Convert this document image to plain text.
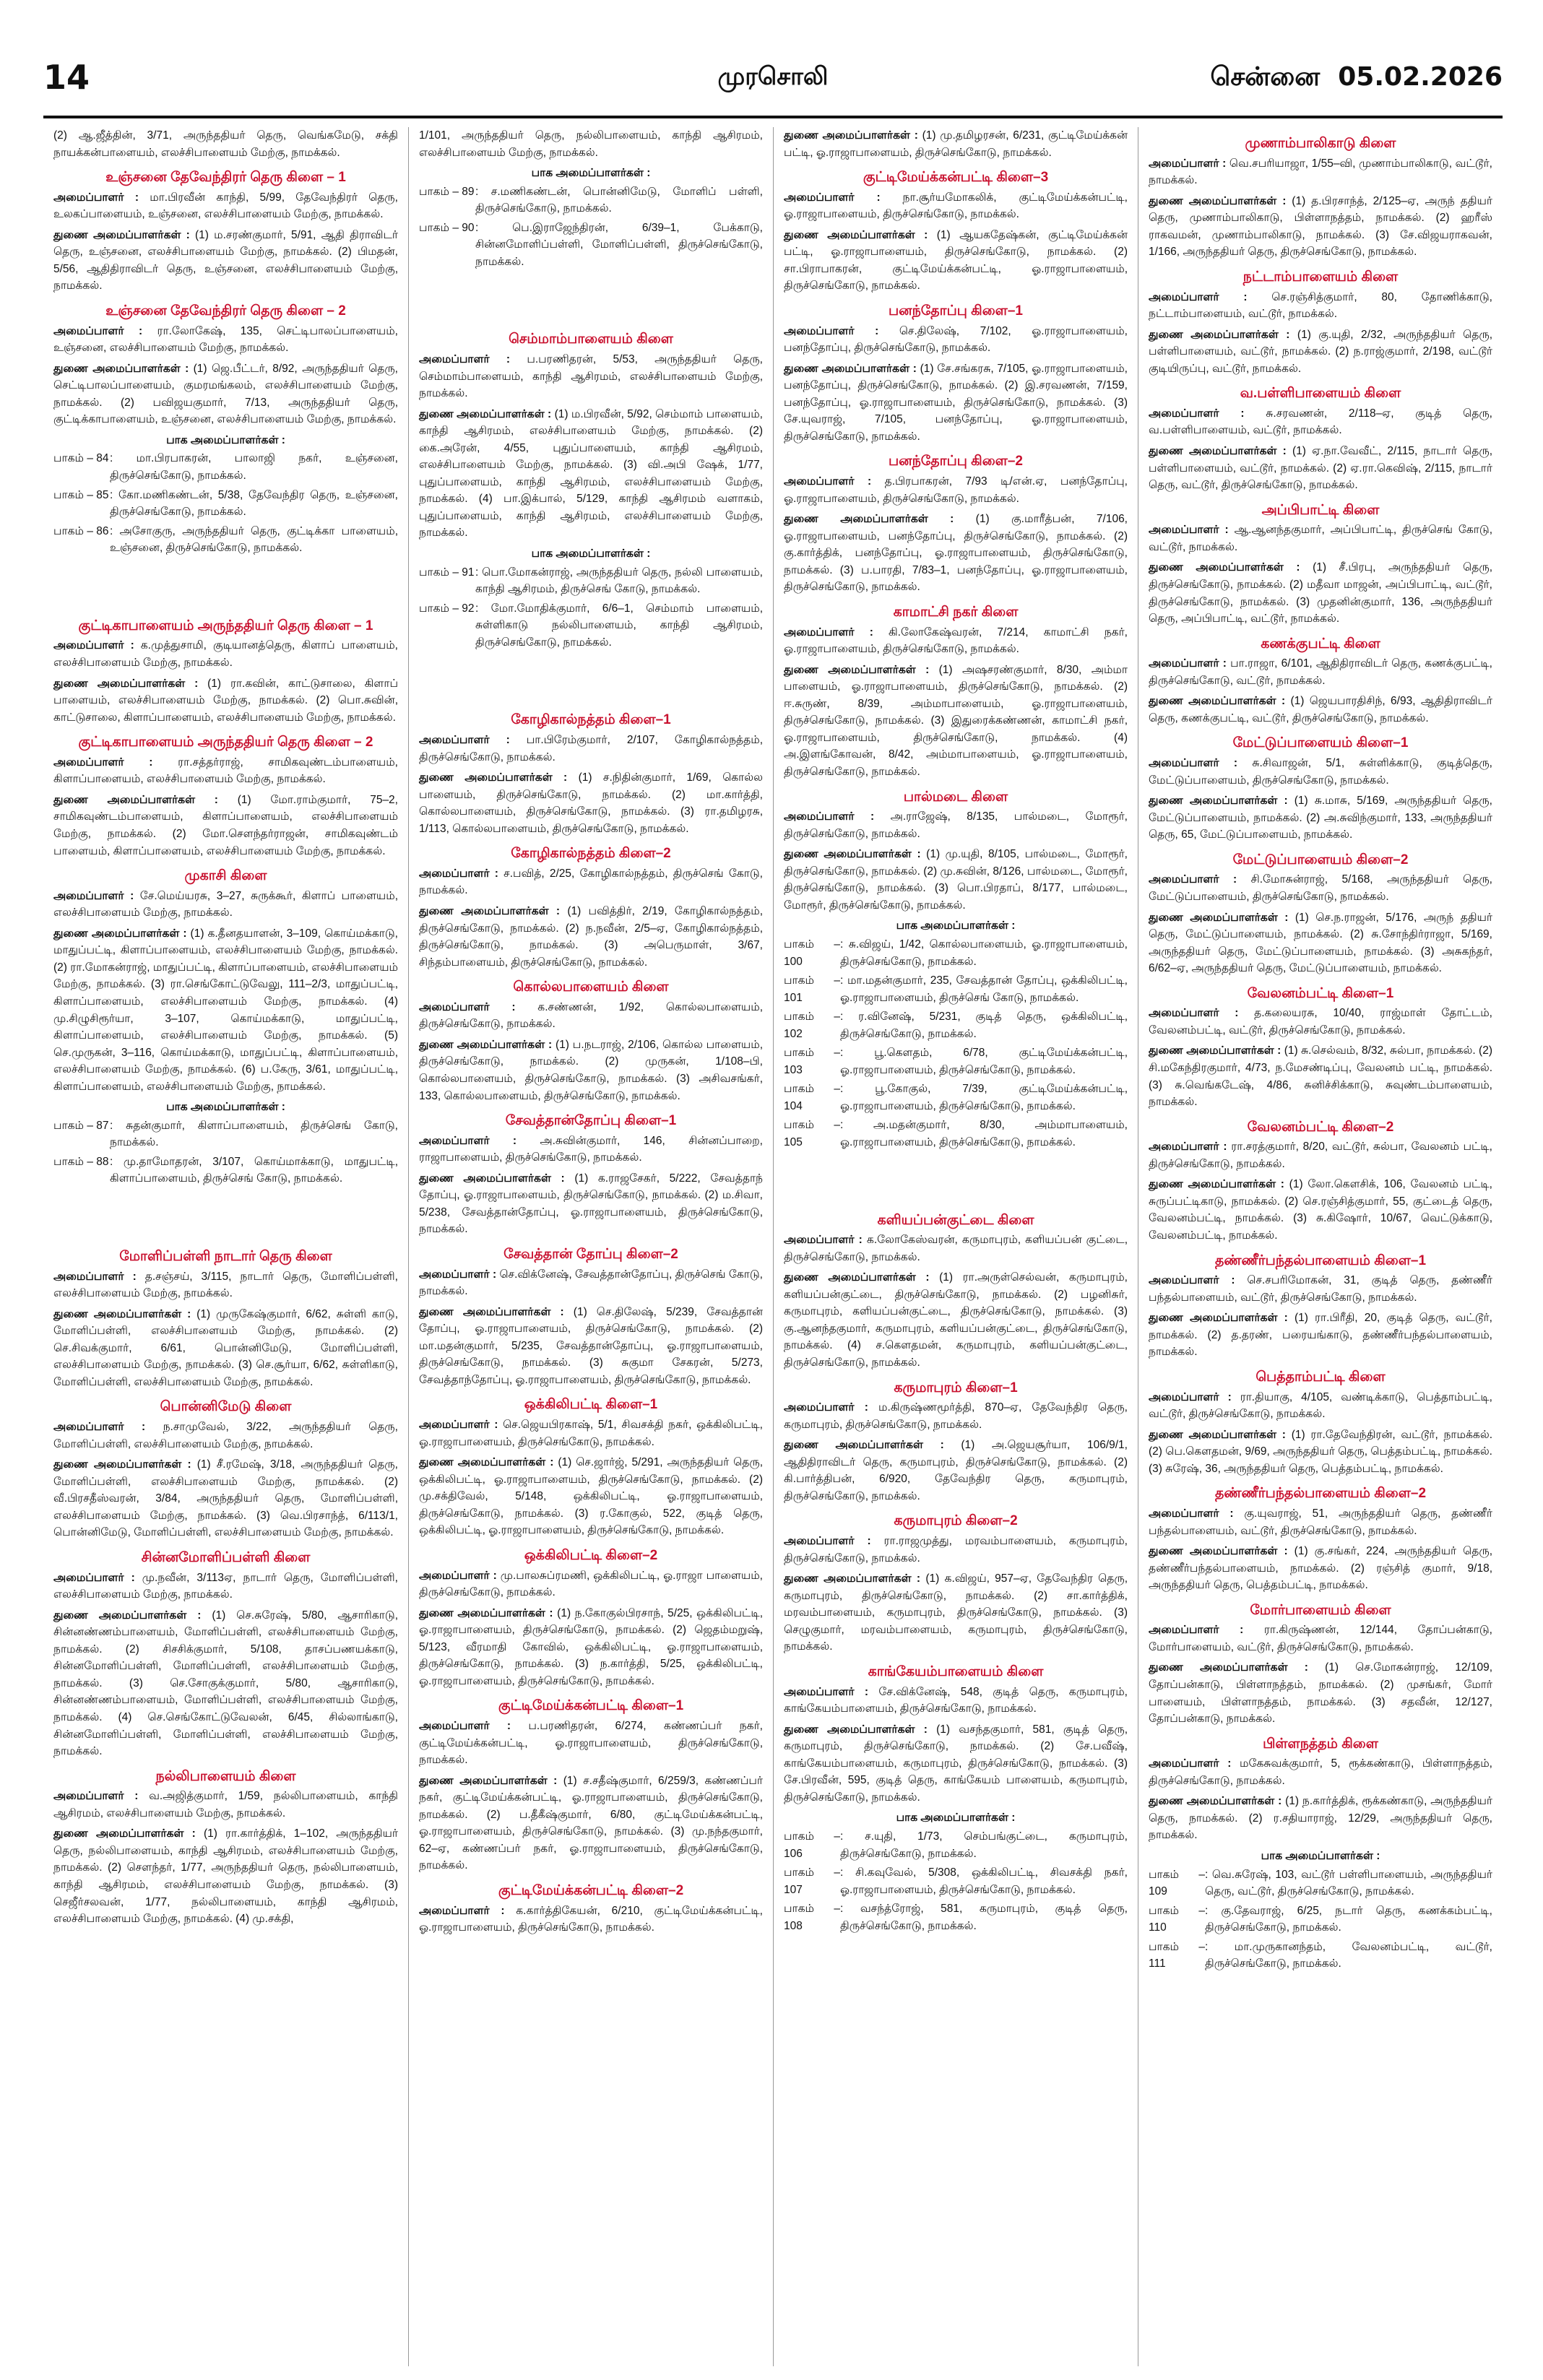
14	முரசொலி	சென்னை 05.02.2026
(2) ஆ.ஜீத்தின், 3/71, அருந்ததியர் தெரு, வெங்கமேடு, சக்தி நாயக்கன்பாளையம், எலச்சிபாளையம் மேற்கு, நாமக்கல்.
உஞ்சனை தேவேந்திரர் தெரு கிளை – 1
அமைப்பாளர் : மா.பிரவீன் காந்தி, 5/99, தேவேந்திரர் தெரு, உலகப்பாளையம், உஞ்சனை, எலச்சிபாளையம் மேற்கு, நாமக்கல்.
துணை அமைப்பாளர்கள் : (1) ம.சரண்குமார், 5/91, ஆதி திராவிடர் தெரு, உஞ்சனை, எலச்சிபாளையம் மேற்கு, நாமக்கல். (2) பிமதன், 5/56, ஆதிதிராவிடர் தெரு, உஞ்சனை, எலச்சிபாளையம் மேற்கு, நாமக்கல்.
உஞ்சனை தேவேந்திரர் தெரு கிளை – 2
அமைப்பாளர் : ரா.லோகேஷ், 135, செட்டிபாலப்பாளையம், உஞ்சனை, எலச்சிபாளையம் மேற்கு, நாமக்கல்.
துணை அமைப்பாளர்கள் : (1) ஜெ.பீட்டர், 8/92, அருந்ததியர் தெரு, செட்டிபாலப்பாளையம், குமரமங்கலம், எலச்சிபாளையம் மேற்கு, நாமக்கல். (2) பவிஜயகுமார், 7/13, அருந்ததியர் தெரு, குட்டிக்காபாளையம், உஞ்சனை, எலச்சிபாளையம் மேற்கு, நாமக்கல்.
பாக அமைப்பாளர்கள் :
பாகம் – 84 : மா.பிரபாகரன், பாலாஜி நகர், உஞ்சனை, திருச்செங்கோடு, நாமக்கல்.
பாகம் – 85 : கோ.மணிகண்டன், 5/38, தேவேந்திர தெரு, உஞ்சனை, திருச்செங்கோடு, நாமக்கல்.
பாகம் – 86 : அசோகுரு, அருந்ததியர் தெரு, குட்டிக்கா பாளையம், உஞ்சனை, திருச்செங்கோடு, நாமக்கல்.
குட்டிகாபாளையம் அருந்ததியர் தெரு கிளை – 1
அமைப்பாளர் : க.முத்துசாமி, குடியானத்தெரு, கிளாப் பாளையம், எலச்சிபாளையம் மேற்கு, நாமக்கல்.
துணை அமைப்பாளர்கள் : (1) ரா.கவின், காட்டுசாலை, கிளாப் பாளையம், எலச்சிபாளையம் மேற்கு, நாமக்கல். (2) பொ.சுவின், காட்டுசாலை, கிளாப்பாளையம், எலச்சிபாளையம் மேற்கு, நாமக்கல்.
குட்டிகாபாளையம் அருந்ததியர் தெரு கிளை – 2
அமைப்பாளர் : ரா.சத்தர்ராஜ், சாமிகவுண்டம்பாளையம், கிளாப்பாளையம், எலச்சிபாளையம் மேற்கு, நாமக்கல்.
துணை அமைப்பாளர்கள் : (1) மோ.ராம்குமார், 75–2, சாமிகவுண்டம்பாளையம், கிளாப்பாளையம், எலச்சிபாளையம் மேற்கு, நாமக்கல். (2) மோ.சௌந்தர்ராஜன், சாமிகவுண்டம் பாளையம், கிளாப்பாளையம், எலச்சிபாளையம் மேற்கு, நாமக்கல்.
முகாசி கிளை
அமைப்பாளர் : சே.மெய்யரசு, 3–27, சுருக்கூர், கிளாப் பாளையம், எலச்சிபாளையம் மேற்கு, நாமக்கல்.
துணை அமைப்பாளர்கள் : (1) க.தீனதயாளன், 3–109, கொய்மக்காடு, மாதுப்பட்டி, கிளாப்பாளையம், எலச்சிபாளையம் மேற்கு, நாமக்கல். (2) ரா.மோகன்ராஜ், மாதுப்பட்டி, கிளாப்பாளையம், எலச்சிபாளையம் மேற்கு, நாமக்கல். (3) ரா.செங்கோட்டுவேலு, 111–2/3, மாதுப்பட்டி, கிளாப்பாளையம், எலச்சிபாளையம் மேற்கு, நாமக்கல். (4) மு.சிழுசிரூர்யா, 3–107, கொய்மக்காடு, மாதுப்பட்டி, கிளாப்பாளையம், எலச்சிபாளையம் மேற்கு, நாமக்கல். (5) செ.முருகன், 3–116, கொய்மக்காடு, மாதுப்பட்டி, கிளாப்பாளையம், எலச்சிபாளையம் மேற்கு, நாமக்கல். (6) ப.கேரு, 3/61, மாதுப்பட்டி, கிளாப்பாளையம், எலச்சிபாளையம் மேற்கு, நாமக்கல்.
பாக அமைப்பாளர்கள் :
பாகம் – 87 : சுதன்குமார், கிளாப்பாளையம், திருச்செங் கோடு, நாமக்கல்.
பாகம் – 88 : மு.தாமோதரன், 3/107, கொய்மாக்காடு, மாதுபட்டி, கிளாப்பாளையம், திருச்செங் கோடு, நாமக்கல்.
மோளிப்பள்ளி நாடார் தெரு கிளை
அமைப்பாளர் : த.சஞ்சய், 3/115, நாடார் தெரு, மோளிப்பள்ளி, எலச்சிபாளையம் மேற்கு, நாமக்கல்.
துணை அமைப்பாளர்கள் : (1) முருகேஷ்குமார், 6/62, சுள்ளி காடு, மோளிப்பள்ளி, எலச்சிபாளையம் மேற்கு, நாமக்கல். (2) செ.சிவக்குமார், 6/61, பொன்னிமேடு, மோளிப்பள்ளி, எலச்சிபாளையம் மேற்கு, நாமக்கல். (3) செ.சூர்யா, 6/62, சுள்ளிகாடு, மோளிப்பள்ளி, எலச்சிபாளையம் மேற்கு, நாமக்கல்.
பொன்னிமேடு கிளை
அமைப்பாளர் : ந.சாமுவேல், 3/22, அருந்ததியர் தெரு, மோளிப்பள்ளி, எலச்சிபாளையம் மேற்கு, நாமக்கல்.
துணை அமைப்பாளர்கள் : (1) சீ.ரமேஷ், 3/18, அருந்ததியர் தெரு, மோளிப்பள்ளி, எலச்சிபாளையம் மேற்கு, நாமக்கல். (2) வீ.பிரசதீஸ்வரன், 3/84, அருந்ததியர் தெரு, மோளிப்பள்ளி, எலச்சிபாளையம் மேற்கு, நாமக்கல். (3) வெ.பிரசாந்த், 6/113/1, பொன்னிமேடு, மோளிப்பள்ளி, எலச்சிபாளையம் மேற்கு, நாமக்கல்.
சின்னமோளிப்பள்ளி கிளை
அமைப்பாளர் : மு.நவீன், 3/113ஏ, நாடார் தெரு, மோளிப்பள்ளி, எலச்சிபாளையம் மேற்கு, நாமக்கல்.
துணை அமைப்பாளர்கள் : (1) செ.சுரேஷ், 5/80, ஆசாரிகாடு, சின்னண்ணம்பாளையம், மோளிப்பள்ளி, எலச்சிபாளையம் மேற்கு, நாமக்கல். (2) சிசசிக்குமார், 5/108, தாசப்பணயக்காடு, சின்னமோளிப்பள்ளி, மோளிப்பள்ளி, எலச்சிபாளையம் மேற்கு, நாமக்கல். (3) செ.சோகுக்குமார், 5/80, ஆசாரிகாடு, சின்னண்ணம்பாளையம், மோளிப்பள்ளி, எலச்சிபாளையம் மேற்கு, நாமக்கல். (4) செ.செங்கோட்டுவேலன், 6/45, சில்லாங்காடு, சின்னமோளிப்பள்ளி, மோளிப்பள்ளி, எலச்சிபாளையம் மேற்கு, நாமக்கல்.
நல்லிபாளையம் கிளை
அமைப்பாளர் : வ.அஜித்குமார், 1/59, நல்லிபாளையம், காந்தி ஆசிரமம், எலச்சிபாளையம் மேற்கு, நாமக்கல்.
துணை அமைப்பாளர்கள் : (1) ரா.கார்த்திக், 1–102, அருந்ததியர் தெரு, நல்லிபாளையம், காந்தி ஆசிரமம், எலச்சிபாளையம் மேற்கு, நாமக்கல். (2) சௌந்தர், 1/77, அருந்ததியர் தெரு, நல்லிபாளையம், காந்தி ஆசிரமம், எலச்சிபாளையம் மேற்கு, நாமக்கல். (3) செஜீர்சலவன், 1/77, நல்லிபாளையம், காந்தி ஆசிரமம், எலச்சிபாளையம் மேற்கு, நாமக்கல். (4) மு.சக்தி,
1/101, அருந்ததியர் தெரு, நல்லிபாளையம், காந்தி ஆசிரமம், எலச்சிபாளையம் மேற்கு, நாமக்கல்.
பாக அமைப்பாளர்கள் :
பாகம் – 89 : ச.மணிகண்டன், பொன்னிமேடு, மோளிப் பள்ளி, திருச்செங்கோடு, நாமக்கல்.
பாகம் – 90 : பெ.இராஜேந்திரன், 6/39–1, பேக்காடு, சின்னமோளிப்பள்ளி, மோளிப்பள்ளி, திருச்செங்கோடு, நாமக்கல்.
செம்மாம்பாளையம் கிளை
அமைப்பாளர் : ப.பரணிதரன், 5/53, அருந்ததியர் தெரு, செம்மாம்பாளையம், காந்தி ஆசிரமம், எலச்சிபாளையம் மேற்கு, நாமக்கல்.
துணை அமைப்பாளர்கள் : (1) ம.பிரவீன், 5/92, செம்மாம் பாளையம், காந்தி ஆசிரமம், எலச்சிபாளையம் மேற்கு, நாமக்கல். (2) கை.அரேன், 4/55, புதுப்பாளையம், காந்தி ஆசிரமம், எலச்சிபாளையம் மேற்கு, நாமக்கல். (3) வி.அபி ஷேக், 1/77, புதுப்பாளையம், காந்தி ஆசிரமம், எலச்சிபாளையம் மேற்கு, நாமக்கல். (4) பா.இக்பால், 5/129, காந்தி ஆசிரமம் வளாகம், புதுப்பாளையம், காந்தி ஆசிரமம், எலச்சிபாளையம் மேற்கு, நாமக்கல்.
பாக அமைப்பாளர்கள் :
பாகம் – 91 : பொ.மோகன்ராஜ், அருந்ததியர் தெரு, நல்லி பாளையம், காந்தி ஆசிரமம், திருச்செங் கோடு, நாமக்கல்.
பாகம் – 92 : மோ.மோதிக்குமார், 6/6–1, செம்மாம் பாளையம், சுள்ளிகாடு நல்லிபாளையம், காந்தி ஆசிரமம், திருச்செங்கோடு, நாமக்கல்.
கோழிகால்நத்தம் கிளை–1
அமைப்பாளர் : பா.பிரேம்குமார், 2/107, கோழிகால்நத்தம், திருச்செங்கோடு, நாமக்கல்.
துணை அமைப்பாளர்கள் : (1) ச.நிதின்குமார், 1/69, கொல்ல பாளையம், திருச்செங்கோடு, நாமக்கல். (2) மா.கார்த்தி, கொல்லபாளையம், திருச்செங்கோடு, நாமக்கல். (3) ரா.தமிழரசு, 1/113, கொல்லபாளையம், திருச்செங்கோடு, நாமக்கல்.
கோழிகால்நத்தம் கிளை–2
அமைப்பாளர் : ச.பவித், 2/25, கோழிகால்நத்தம், திருச்செங் கோடு, நாமக்கல்.
துணை அமைப்பாளர்கள் : (1) பவித்திர், 2/19, கோழிகால்நத்தம், திருச்செங்கோடு, நாமக்கல். (2) ந.நவீன், 2/5–ஏ, கோழிகால்நத்தம், திருச்செங்கோடு, நாமக்கல். (3) அபெருமாள், 3/67, சிந்தம்பாளையம், திருச்செங்கோடு, நாமக்கல்.
கொல்லபாளையம் கிளை
அமைப்பாளர் : க.சண்ணன், 1/92, கொல்லபாளையம், திருச்செங்கோடு, நாமக்கல்.
துணை அமைப்பாளர்கள் : (1) ப.நடராஜ், 2/106, கொல்ல பாளையம், திருச்செங்கோடு, நாமக்கல். (2) முருகன், 1/108–பி, கொல்லபாளையம், திருச்செங்கோடு, நாமக்கல். (3) அசிவசங்கர், 133, கொல்லபாளையம், திருச்செங்கோடு, நாமக்கல்.
சேவத்தான்தோப்பு கிளை–1
அமைப்பாளர் : அ.சுவின்குமார், 146, சின்னப்பாறை, ராஜாபாளையம், திருச்செங்கோடு, நாமக்கல்.
துணை அமைப்பாளர்கள் : (1) க.ராஜசேகர், 5/222, சேவத்தாந் தோப்பு, ஓ.ராஜாபாளையம், திருச்செங்கோடு, நாமக்கல். (2) ம.சிவா, 5/238, சேவத்தான்தோப்பு, ஓ.ராஜாபாளையம், திருச்செங்கோடு, நாமக்கல்.
சேவத்தான் தோப்பு கிளை–2
அமைப்பாளர் : செ.விக்னேஷ், சேவத்தான்தோப்பு, திருச்செங் கோடு, நாமக்கல்.
துணை அமைப்பாளர்கள் : (1) செ.திலேஷ், 5/239, சேவத்தான் தோப்பு, ஓ.ராஜாபாளையம், திருச்செங்கோடு, நாமக்கல். (2) மா.மதன்குமார், 5/235, சேவத்தான்தோப்பு, ஓ.ராஜாபாளையம், திருச்செங்கோடு, நாமக்கல். (3) சுகுமா சேகரன், 5/273, சேவத்தாந்தோப்பு, ஓ.ராஜாபாளையம், திருச்செங்கோடு, நாமக்கல்.
ஒக்கிலிபட்டி கிளை–1
அமைப்பாளர் : செ.ஜெயபிரகாஷ், 5/1, சிவசக்தி நகர், ஒக்கிலிபட்டி, ஓ.ராஜாபாளையம், திருச்செங்கோடு, நாமக்கல்.
துணை அமைப்பாளர்கள் : (1) செ.ஜார்ஜ், 5/291, அருந்ததியர் தெரு, ஒக்கிலிபட்டி, ஓ.ராஜாபாளையம், திருச்செங்கோடு, நாமக்கல். (2) மு.சக்திவேல், 5/148, ஒக்கிலிபட்டி, ஓ.ராஜாபாளையம், திருச்செங்கோடு, நாமக்கல். (3) ர.கோகுல், 522, குடித் தெரு, ஒக்கிலிபட்டி, ஓ.ராஜாபாளையம், திருச்செங்கோடு, நாமக்கல்.
ஒக்கிலிபட்டி கிளை–2
அமைப்பாளர் : மு.பாலசுப்ரமணி, ஒக்கிலிபட்டி, ஓ.ராஜா பாளையம், திருச்செங்கோடு, நாமக்கல்.
துணை அமைப்பாளர்கள் : (1) ந.கோகுல்பிரசாந், 5/25, ஒக்கிலிபட்டி, ஓ.ராஜாபாளையம், திருச்செங்கோடு, நாமக்கல். (2) ஜெதம்மறுஷ், 5/123, வீரமாதி கோவில், ஒக்கிலிபட்டி, ஓ.ராஜாபாளையம், திருச்செங்கோடு, நாமக்கல். (3) ந.கார்த்தி, 5/25, ஒக்கிலிபட்டி, ஓ.ராஜாபாளையம், திருச்செங்கோடு, நாமக்கல்.
குட்டிமேய்க்கன்பட்டி கிளை–1
அமைப்பாளர் : ப.பரணிதரன், 6/274, கண்ணப்பர் நகர், குட்டிமேய்க்கன்பட்டி, ஓ.ராஜாபாளையம், திருச்செங்கோடு, நாமக்கல்.
துணை அமைப்பாளர்கள் : (1) ச.சதீஷ்குமார், 6/259/3, கண்ணப்பர் நகர், குட்டிமேய்க்கன்பட்டி, ஓ.ராஜாபாளையம், திருச்செங்கோடு, நாமக்கல். (2) ப.தீகீஷ்குமார், 6/80, குட்டிமேய்க்கன்பட்டி, ஓ.ராஜாபாளையம், திருச்செங்கோடு, நாமக்கல். (3) மு.நந்தகுமார், 62–ஏ, கண்ணப்பர் நகர், ஓ.ராஜாபாளையம், திருச்செங்கோடு, நாமக்கல்.
குட்டிமேய்க்கன்பட்டி கிளை–2
அமைப்பாளர் : க.கார்த்திகேயன், 6/210, குட்டிமேய்க்கன்பட்டி, ஓ.ராஜாபாளையம், திருச்செங்கோடு, நாமக்கல்.
துணை அமைப்பாளர்கள் : (1) மு.தமிழரசன், 6/231, குட்டிமேய்க்கன் பட்டி, ஓ.ராஜாபாளையம், திருச்செங்கோடு, நாமக்கல்.
குட்டிமேய்க்கன்பட்டி கிளை–3
அமைப்பாளர் : நா.சூர்யமோகலிக், குட்டிமேய்க்கன்பட்டி, ஓ.ராஜாபாளையம், திருச்செங்கோடு, நாமக்கல்.
துணை அமைப்பாளர்கள் : (1) ஆயகதேஷ்கன், குட்டிமேய்க்கன் பட்டி, ஓ.ராஜாபாளையம், திருச்செங்கோடு, நாமக்கல். (2) சா.பிராபாகரன், குட்டிமேய்க்கன்பட்டி, ஓ.ராஜாபாளையம், திருச்செங்கோடு, நாமக்கல்.
பனந்தோப்பு கிளை–1
அமைப்பாளர் : செ.திலேஷ், 7/102, ஓ.ராஜாபாளையம், பனந்தோப்பு, திருச்செங்கோடு, நாமக்கல்.
துணை அமைப்பாளர்கள் : (1) சே.சங்கரசு, 7/105, ஓ.ராஜாபாளையம், பனந்தோப்பு, திருச்செங்கோடு, நாமக்கல். (2) இ.சரவணன், 7/159, பனந்தோப்பு, ஓ.ராஜாபாளையம், திருச்செங்கோடு, நாமக்கல். (3) சே.யுவராஜ், 7/105, பனந்தோப்பு, ஓ.ராஜாபாளையம், திருச்செங்கோடு, நாமக்கல்.
பனந்தோப்பு கிளை–2
அமைப்பாளர் : த.பிரபாகரன், 7/93 டி/என்.ஏ, பனந்தோப்பு, ஓ.ராஜாபாளையம், திருச்செங்கோடு, நாமக்கல்.
துணை அமைப்பாளர்கள் : (1) கு.மாரீத்பன், 7/106, ஓ.ராஜாபாளையம், பனந்தோப்பு, திருச்செங்கோடு, நாமக்கல். (2) கு.கார்த்திக், பனந்தோப்பு, ஓ.ராஜாபாளையம், திருச்செங்கோடு, நாமக்கல். (3) ப.பாரதி, 7/83–1, பனந்தோப்பு, ஓ.ராஜாபாளையம், திருச்செங்கோடு, நாமக்கல்.
காமாட்சி நகர் கிளை
அமைப்பாளர் : கி.லோகேஷ்வரன், 7/214, காமாட்சி நகர், ஓ.ராஜாபாளையம், திருச்செங்கோடு, நாமக்கல்.
துணை அமைப்பாளர்கள் : (1) அஷசரண்குமார், 8/30, அம்மா பாளையம், ஓ.ராஜாபாளையம், திருச்செங்கோடு, நாமக்கல். (2) ஈ.சுருண், 8/39, அம்மாபாளையம், ஓ.ராஜாபாளையம், திருச்செங்கோடு, நாமக்கல். (3) இதுரைக்கண்ணன், காமாட்சி நகர், ஓ.ராஜாபாளையம், திருச்செங்கோடு, நாமக்கல். (4) அ.இளங்கோவன், 8/42, அம்மாபாளையம், ஓ.ராஜாபாளையம், திருச்செங்கோடு, நாமக்கல்.
பால்மடை கிளை
அமைப்பாளர் : அ.ராஜேஷ், 8/135, பால்மடை, மோரூர், திருச்செங்கோடு, நாமக்கல்.
துணை அமைப்பாளர்கள் : (1) மு.யுதி, 8/105, பால்மடை, மோரூர், திருச்செங்கோடு, நாமக்கல். (2) மு.சுவின், 8/126, பால்மடை, மோரூர், திருச்செங்கோடு, நாமக்கல். (3) பொ.பிரதாப், 8/177, பால்மடை, மோரூர், திருச்செங்கோடு, நாமக்கல்.
பாக அமைப்பாளர்கள் :
பாகம் – 100
: சு.விஜய், 1/42, கொல்லபாளையம், ஓ.ராஜாபாளையம், திருச்செங்கோடு, நாமக்கல்.
பாகம் – 101
: மா.மதன்குமார், 235, சேவத்தான் தோப்பு, ஒக்கிலிபட்டி, ஓ.ராஜாபாளையம், திருச்செங் கோடு, நாமக்கல்.
பாகம் – 102
: ர.வினேஷ், 5/231, குடித் தெரு, ஒக்கிலிபட்டி, திருச்செங்கோடு, நாமக்கல்.
பாகம் – 103
: பூ.கௌதம், 6/78, குட்டிமேய்க்கன்பட்டி, ஓ.ராஜாபாளையம், திருச்செங்கோடு, நாமக்கல்.
பாகம் – 104
: பூ.கோகுல், 7/39, குட்டிமேய்க்கன்பட்டி, ஓ.ராஜாபாளையம், திருச்செங்கோடு, நாமக்கல்.
பாகம் – 105
: அ.மதன்குமார், 8/30, அம்மாபாளையம், ஓ.ராஜாபாளையம், திருச்செங்கோடு, நாமக்கல்.
களியப்பன்குட்டை கிளை
அமைப்பாளர் : க.லோகேஸ்வரன், கருமாபுரம், களியப்பன் குட்டை, திருச்செங்கோடு, நாமக்கல்.
துணை அமைப்பாளர்கள் : (1) ரா.அருள்செல்வன், கருமாபுரம், களியப்பன்குட்டை, திருச்செங்கோடு, நாமக்கல். (2) பழனிசுர், கருமாபுரம், களியப்பன்குட்டை, திருச்செங்கோடு, நாமக்கல். (3) கு.ஆனந்தகுமார், கருமாபுரம், களியப்பன்குட்டை, திருச்செங்கோடு, நாமக்கல். (4) ச.கௌதமன், கருமாபுரம், களியப்பன்குட்டை, திருச்செங்கோடு, நாமக்கல்.
கருமாபுரம் கிளை–1
அமைப்பாளர் : ம.கிருஷ்ணமூர்த்தி, 870–ஏ, தேவேந்திர தெரு, கருமாபுரம், திருச்செங்கோடு, நாமக்கல்.
துணை அமைப்பாளர்கள் : (1) அ.ஜெயசூர்யா, 106/9/1, ஆதிதிராவிடர் தெரு, கருமாபுரம், திருச்செங்கோடு, நாமக்கல். (2) கி.பார்த்திபன், 6/920, தேவேந்திர தெரு, கருமாபுரம், திருச்செங்கோடு, நாமக்கல்.
கருமாபுரம் கிளை–2
அமைப்பாளர் : ரா.ராஜமுத்து, மரவம்பாளையம், கருமாபுரம், திருச்செங்கோடு, நாமக்கல்.
துணை அமைப்பாளர்கள் : (1) க.விஜய், 957–ஏ, தேவேந்திர தெரு, கருமாபுரம், திருச்செங்கோடு, நாமக்கல். (2) சா.கார்த்திக், மரவம்பாளையம், கருமாபுரம், திருச்செங்கோடு, நாமக்கல். (3) செழுகுமார், மரவம்பாளையம், கருமாபுரம், திருச்செங்கோடு, நாமக்கல்.
காங்கேயம்பாளையம் கிளை
அமைப்பாளர் : சே.விக்னேஷ், 548, குடித் தெரு, கருமாபுரம், காங்கேயம்பாளையம், திருச்செங்கோடு, நாமக்கல்.
துணை அமைப்பாளர்கள் : (1) வசந்தகுமார், 581, குடித் தெரு, கருமாபுரம், திருச்செங்கோடு, நாமக்கல். (2) சே.பவீஷ், காங்கேயம்பாளையம், கருமாபுரம், திருச்செங்கோடு, நாமக்கல். (3) சே.பிரவீன், 595, குடித் தெரு, காங்கேயம் பாளையம், கருமாபுரம், திருச்செங்கோடு, நாமக்கல்.
பாக அமைப்பாளர்கள் :
பாகம் – 106
: ச.யுதி, 1/73, செம்பங்குட்டை, கருமாபுரம், திருச்செங்கோடு, நாமக்கல்.
பாகம் – 107
: சி.கவுவேல், 5/308, ஒக்கிலிபட்டி, சிவசக்தி நகர், ஓ.ராஜாபாளையம், திருச்செங்கோடு, நாமக்கல்.
பாகம் – 108
: வசந்த்ரோஜ், 581, கருமாபுரம், குடித் தெரு, திருச்செங்கோடு, நாமக்கல்.
முணாம்பாலிகாடு கிளை
அமைப்பாளர் : வெ.சபரியாஜா, 1/55–வி, முணாம்பாலிகாடு, வட்டூர், நாமக்கல்.
துணை அமைப்பாளர்கள் : (1) த.பிரசாந்த், 2/125–ஏ, அருந் ததியர் தெரு, முணாம்பாலிகாடு, பிள்ளாநத்தம், நாமக்கல். (2) ஹரீஸ் ராகவமன், முணாம்பாலிகாடு, நாமக்கல். (3) சே.விஜயராகவன், 1/166, அருந்ததியர் தெரு, திருச்செங்கோடு, நாமக்கல்.
நட்டாம்பாளையம் கிளை
அமைப்பாளர் : செ.ரஞ்சித்குமார், 80, தோணிக்காடு, நட்டாம்பாளையம், வட்டூர், நாமக்கல்.
துணை அமைப்பாளர்கள் : (1) கு.யுதி, 2/32, அருந்ததியர் தெரு, பள்ளிபாளையம், வட்டூர், நாமக்கல். (2) ந.ராஜ்குமார், 2/198, வட்டூர் குடியிருப்பு, வட்டூர், நாமக்கல்.
வ.பள்ளிபாளையம் கிளை
அமைப்பாளர் : சு.சரவணன், 2/118–ஏ, குடித் தெரு, வ.பள்ளிபாளையம், வட்டூர், நாமக்கல்.
துணை அமைப்பாளர்கள் : (1) ஏ.நா.வேவீட், 2/115, நாடார் தெரு, பள்ளிபாளையம், வட்டூர், நாமக்கல். (2) ஏ.ரா.கெவிஷ், 2/115, நாடார் தெரு, வட்டூர், திருச்செங்கோடு, நாமக்கல்.
அப்பிபாட்டி கிளை
அமைப்பாளர் : ஆ.ஆனந்தகுமார், அப்பிபாட்டி, திருச்செங் கோடு, வட்டூர், நாமக்கல்.
துணை அமைப்பாளர்கள் : (1) சீ.பிரபு, அருந்ததியர் தெரு, திருச்செங்கோடு, நாமக்கல். (2) மதீவா மாஜன், அப்பிபாட்டி, வட்டூர், திருச்செங்கோடு, நாமக்கல். (3) முதனின்குமார், 136, அருந்ததியர் தெரு, அப்பிபாட்டி, வட்டூர், நாமக்கல்.
கணக்குபட்டி கிளை
அமைப்பாளர் : பா.ராஜா, 6/101, ஆதிதிராவிடர் தெரு, கணக்குபட்டி, திருச்செங்கோடு, வட்டூர், நாமக்கல்.
துணை அமைப்பாளர்கள் : (1) ஜெயபாரதிசிந், 6/93, ஆதிதிராவிடர் தெரு, கணக்குபட்டி, வட்டூர், திருச்செங்கோடு, நாமக்கல்.
மேட்டுப்பாளையம் கிளை–1
அமைப்பாளர் : சு.சிவாஜன், 5/1, சுள்ளிக்காடு, குடித்தெரு, மேட்டுப்பாளையம், திருச்செங்கோடு, நாமக்கல்.
துணை அமைப்பாளர்கள் : (1) சு.மாசு, 5/169, அருந்ததியர் தெரு, மேட்டுப்பாளையம், நாமக்கல். (2) அ.சுவிந்குமார், 133, அருந்ததியர் தெரு, 65, மேட்டுப்பாளையம், நாமக்கல்.
மேட்டுப்பாளையம் கிளை–2
அமைப்பாளர் : சி.மோசுன்ராஜ், 5/168, அருந்ததியர் தெரு, மேட்டுப்பாளையம், திருச்செங்கோடு, நாமக்கல்.
துணை அமைப்பாளர்கள் : (1) செ.ந.ராஜன், 5/176, அருந் ததியர் தெரு, மேட்டுப்பாளையம், நாமக்கல். (2) சு.சோந்திர்ராஜா, 5/169, அருந்ததியர் தெரு, மேட்டுப்பாளையம், நாமக்கல். (3) அசுகந்தர், 6/62–ஏ, அருந்ததியர் தெரு, மேட்டுப்பாளையம், நாமக்கல்.
வேலனம்பட்டி கிளை–1
அமைப்பாளர் : த.கலையரசு, 10/40, ராஜ்மாள் தோட்டம், வேலனம்பட்டி, வட்டூர், திருச்செங்கோடு, நாமக்கல்.
துணை அமைப்பாளர்கள் : (1) சு.செல்வம், 8/32, சுல்பா, நாமக்கல். (2) சி.மகேந்திரகுமார், 4/73, ந.மேசண்டிப்பு, வேலனம் பட்டி, நாமக்கல். (3) சு.வெங்கடேஷ், 4/86, சுனிச்சிக்காடு, சுவுண்டம்பாளையம், நாமக்கல்.
வேலனம்பட்டி கிளை–2
அமைப்பாளர் : ரா.சரத்குமார், 8/20, வட்டூர், சுல்பா, வேலனம் பட்டி, திருச்செங்கோடு, நாமக்கல்.
துணை அமைப்பாளர்கள் : (1) லோ.கௌசிக், 106, வேலனம் பட்டி, சுருப்பட்டிகாடு, நாமக்கல். (2) செ.ரஞ்சித்குமார், 55, குட்டைத் தெரு, வேலனம்பட்டி, நாமக்கல். (3) சு.கிஷோர், 10/67, வெட்டுக்காடு, வேலனம்பட்டி, நாமக்கல்.
தண்ணீர்பந்தல்பாளையம் கிளை–1
அமைப்பாளர் : செ.சபரிமோகன், 31, குடித் தெரு, தண்ணீர் பந்தல்பாளையம், வட்டூர், திருச்செங்கோடு, நாமக்கல்.
துணை அமைப்பாளர்கள் : (1) ரா.பிரீதி, 20, குடித் தெரு, வட்டூர், நாமக்கல். (2) த.தரண், பரையங்காடு, தண்ணீர்பந்தல்பாளையம், நாமக்கல்.
பெத்தாம்பட்டி கிளை
அமைப்பாளர் : ரா.தியாகு, 4/105, வண்டிக்காடு, பெத்தாம்பட்டி, வட்டூர், திருச்செங்கோடு, நாமக்கல்.
துணை அமைப்பாளர்கள் : (1) ரா.தேவேந்திரன், வட்டூர், நாமக்கல். (2) பெ.கௌதமன், 9/69, அருந்ததியர் தெரு, பெத்தம்பட்டி, நாமக்கல். (3) சுரேஷ், 36, அருந்ததியர் தெரு, பெத்தம்பட்டி, நாமக்கல்.
தண்ணீர்பந்தல்பாளையம் கிளை–2
அமைப்பாளர் : கு.யுவராஜ், 51, அருந்ததியர் தெரு, தண்ணீர் பந்தல்பாளையம், வட்டூர், திருச்செங்கோடு, நாமக்கல்.
துணை அமைப்பாளர்கள் : (1) கு.சங்கர், 224, அருந்ததியர் தெரு, தண்ணீர்பந்தல்பாளையம், நாமக்கல். (2) ரஞ்சித் குமார், 9/18, அருந்ததியர் தெரு, பெத்தம்பட்டி, நாமக்கல்.
மோர்பாளையம் கிளை
அமைப்பாளர் : ரா.கிருஷ்ணன், 12/144, தோப்பன்காடு, மோர்பாளையம், வட்டூர், திருச்செங்கோடு, நாமக்கல்.
துணை அமைப்பாளர்கள் : (1) செ.மோகன்ராஜ், 12/109, தோப்பன்காடு, பிள்ளாநத்தம், நாமக்கல். (2) முசங்கர், மோர் பாளையம், பிள்ளாநத்தம், நாமக்கல். (3) சதவீன், 12/127, தோப்பன்காடு, நாமக்கல்.
பிள்ளநத்தம் கிளை
அமைப்பாளர் : மகேசுவக்குமார், 5, ரூக்கண்காடு, பிள்ளாநத்தம், திருச்செங்கோடு, நாமக்கல்.
துணை அமைப்பாளர்கள் : (1) ந.கார்த்திக், ரூக்கண்காடு, அருந்ததியர் தெரு, நாமக்கல். (2) ர.சதியாராஜ், 12/29, அருந்ததியர் தெரு, நாமக்கல்.
பாக அமைப்பாளர்கள் :
பாகம் – 109
: வெ.சுரேஷ், 103, வட்டூர் பள்ளிபாளையம், அருந்ததியர் தெரு, வட்டூர், திருச்செங்கோடு, நாமக்கல்.
பாகம் – 110
: கு.தேவராஜ், 6/25, நடார் தெரு, கணக்கம்பட்டி, திருச்செங்கோடு, நாமக்கல்.
பாகம் – 111
: மா.முருகானந்தம், வேலனம்பட்டி, வட்டூர், திருச்செங்கோடு, நாமக்கல்.
